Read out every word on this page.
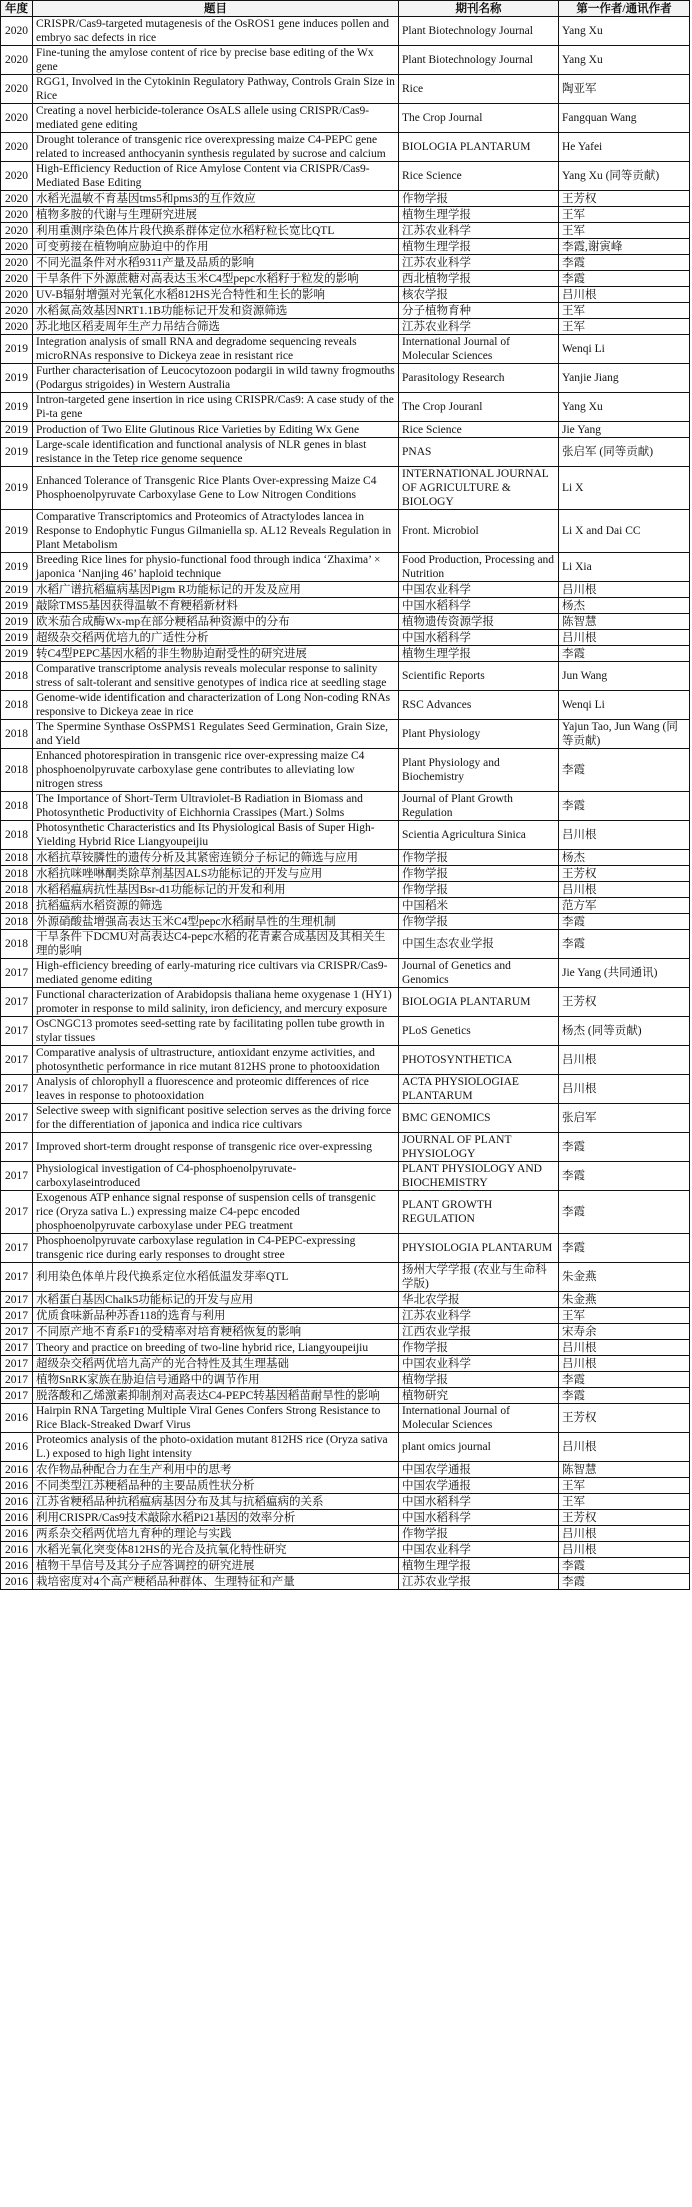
年度	题目	期刊名称	第一作者/通讯作者
2020	CRISPR/Cas9-targeted mutagenesis of the OsROS1 gene induces pollen and embryo sac defects in rice	Plant Biotechnology Journal	Yang Xu
2020	Fine-tuning the amylose content of rice by precise base editing of the Wx gene	Plant Biotechnology Journal	Yang Xu
2020	RGG1, Involved in the Cytokinin Regulatory Pathway, Controls Grain Size in Rice	Rice	陶亚军
2020	Creating a novel herbicide-tolerance OsALS allele using CRISPR/Cas9-mediated gene editing	The Crop Journal	Fangquan Wang
2020	Drought tolerance of transgenic rice overexpressing maize C4-PEPC gene related to increased anthocyanin synthesis regulated by sucrose and calcium	BIOLOGIA PLANTARUM	He Yafei
2020	High-Efficiency Reduction of Rice Amylose Content via CRISPR/Cas9-Mediated Base Editing	Rice Science	Yang Xu (同等贡献)
2020	水稻光温敏不育基因tms5和pms3的互作效应	作物学报	王芳权
2020	植物多胺的代谢与生理研究进展	植物生理学报	王军
2020	利用重测序染色体片段代换系群体定位水稻籽粒长宽比QTL	江苏农业科学	王军
2020	可变剪接在植物响应胁迫中的作用	植物生理学报	李霞,谢寅峰
2020	不同光温条件对水稻9311产量及品质的影响	江苏农业科学	李霞
2020	干旱条件下外源蔗糖对高表达玉米C4型pepc水稻籽于粒发的影响	西北植物学报	李霞
2020	UV-B辐射增强对光氧化水稻812HS光合特性和生长的影响	核农学报	吕川根
2020	水稻氮高效基因NRT1.1B功能标记开发和资源筛选	分子植物育种	王军
2020	苏北地区稻麦周年生产力吊结合筛选	江苏农业科学	王军
2019	Integration analysis of small RNA and degradome sequencing reveals microRNAs responsive to Dickeya zeae in resistant rice	International Journal of Molecular Sciences	Wenqi Li
2019	Further characterisation of Leucocytozoon podargii in wild tawny frogmouths (Podargus strigoides) in Western Australia	Parasitology Research	Yanjie Jiang
2019	Intron-targeted gene insertion in rice using CRISPR/Cas9: A case study of the Pi-ta gene	The Crop Jouranl	Yang Xu
2019	Production of Two Elite Glutinous Rice Varieties by Editing Wx Gene	Rice Science	Jie Yang
2019	Large-scale identification and functional analysis of NLR genes in blast resistance in the Tetep rice genome sequence	PNAS	张启军 (同等贡献)
2019	Enhanced Tolerance of Transgenic Rice Plants Over-expressing Maize C4 Phosphoenolpyruvate Carboxylase Gene to Low Nitrogen Conditions	INTERNATIONAL JOURNAL OF AGRICULTURE & BIOLOGY	Li X
2019	Comparative Transcriptomics and Proteomics of Atractylodes lancea in Response to Endophytic Fungus Gilmaniella sp. AL12 Reveals Regulation in Plant Metabolism	Front. Microbiol	Li X and Dai CC
2019	Breeding Rice lines for physio-functional food through indica ‘Zhaxima’ × japonica ‘Nanjing 46’ haploid technique	Food Production, Processing and Nutrition	Li Xia
2019	水稻广谱抗稻瘟病基因Pigm R功能标记的开发及应用	中国农业科学	吕川根
2019	敲除TMS5基因获得温敏不育粳稻新材料	中国水稻科学	杨杰
2019	欧米茄合成酶Wx-mp在部分粳稻品种资源中的分布	植物遗传资源学报	陈智慧
2019	超级杂交稻两优培九的广适性分析	中国水稻科学	吕川根
2019	转C4型PEPC基因水稻的非生物胁迫耐受性的研究进展	植物生理学报	李霞
2018	Comparative transcriptome analysis reveals molecular response to salinity stress of salt-tolerant and sensitive genotypes of indica rice at seedling stage	Scientific Reports	Jun Wang
2018	Genome-wide identification and characterization of Long Non-coding RNAs responsive to Dickeya zeae in rice	RSC Advances	Wenqi Li
2018	The Spermine Synthase OsSPMS1 Regulates Seed Germination, Grain Size, and Yield	Plant Physiology	Yajun Tao, Jun Wang (同等贡献)
2018	Enhanced photorespiration in transgenic rice over-expressing maize C4 phosphoenolpyruvate carboxylase gene contributes to alleviating low nitrogen stress	Plant Physiology and Biochemistry	李霞
2018	The Importance of Short-Term Ultraviolet-B Radiation in Biomass and Photosynthetic Productivity of Eichhornia Crassipes (Mart.) Solms	Journal of Plant Growth Regulation	李霞
2018	Photosynthetic Characteristics and Its Physiological Basis of Super High-Yielding Hybrid Rice Liangyoupeijiu	Scientia Agricultura Sinica	吕川根
2018	水稻抗草铵膦性的遗传分析及其紧密连锁分子标记的筛选与应用	作物学报	杨杰
2018	水稻抗咪唑啉酮类除草剂基因ALS功能标记的开发与应用	作物学报	王芳权
2018	水稻稻瘟病抗性基因Bsr-d1功能标记的开发和利用	作物学报	吕川根
2018	抗稻瘟病水稻资源的筛选	中国稻米	范方军
2018	外源硝酸盐增强高表达玉米C4型pepc水稻耐旱性的生理机制	作物学报	李霞
2018	干旱条件下DCMU对高表达C4-pepc水稻的花青素合成基因及其相关生理的影响	中国生态农业学报	李霞
2017	High-efficiency breeding of early-maturing rice cultivars via CRISPR/Cas9-mediated genome editing	Journal of Genetics and Genomics	Jie Yang (共同通讯)
2017	Functional characterization of Arabidopsis thaliana heme oxygenase 1 (HY1) promoter in response to mild salinity, iron deficiency, and mercury exposure	BIOLOGIA PLANTARUM	王芳权
2017	OsCNGC13 promotes seed-setting rate by facilitating pollen tube growth in stylar tissues	PLoS Genetics	杨杰 (同等贡献)
2017	Comparative analysis of ultrastructure, antioxidant enzyme activities, and photosynthetic performance in rice mutant 812HS prone to photooxidation	PHOTOSYNTHETICA	吕川根
2017	Analysis of chlorophyll a fluorescence and proteomic differences of rice leaves in response to photooxidation	ACTA PHYSIOLOGIAE PLANTARUM	吕川根
2017	Selective sweep with significant positive selection serves as the driving force for the differentiation of japonica and indica rice cultivars	BMC GENOMICS	张启军
2017	Improved short-term drought response of transgenic rice over-expressing	JOURNAL OF PLANT PHYSIOLOGY	李霞
2017	Physiological investigation of C4-phosphoenolpyruvate-carboxylaseintroduced	PLANT PHYSIOLOGY AND BIOCHEMISTRY	李霞
2017	Exogenous ATP enhance signal response of suspension cells of transgenic rice (Oryza sativa L.) expressing maize C4-pepc encoded phosphoenolpyruvate carboxylase under PEG treatment	PLANT GROWTH REGULATION	李霞
2017	Phosphoenolpyruvate carboxylase regulation in C4-PEPC-expressing transgenic rice during early responses to drought stree	PHYSIOLOGIA PLANTARUM	李霞
2017	利用染色体单片段代换系定位水稻低温发芽率QTL	扬州大学学报 (农业与生命科学版)	朱金燕
2017	水稻蛋白基因Chalk5功能标记的开发与应用	华北农学报	朱金燕
2017	优质食味新品种苏香118的选育与利用	江苏农业科学	王军
2017	不同原产地不育系F1的受精率对培育粳稻恢复的影响	江西农业学报	宋寿余
2017	Theory and practice on breeding of two-line hybrid rice, Liangyoupeijiu	作物学报	吕川根
2017	超级杂交稻两优培九高产的光合特性及其生理基础	中国农业科学	吕川根
2017	植物SnRK家族在胁迫信号通路中的调节作用	植物学报	李霞
2017	脱落酸和乙烯激素抑制剂对高表达C4-PEPC转基因稻苗耐旱性的影响	植物研究	李霞
2016	Hairpin RNA Targeting Multiple Viral Genes Confers Strong Resistance to Rice Black-Streaked Dwarf Virus	International Journal of Molecular Sciences	王芳权
2016	Proteomics analysis of the photo-oxidation mutant 812HS rice (Oryza sativa L.) exposed to high light intensity	plant omics journal	吕川根
2016	农作物品种配合力在生产利用中的思考	中国农学通报	陈智慧
2016	不同类型江苏粳稻品种的主要品质性状分析	中国农学通报	王军
2016	江苏省粳稻品种抗稻瘟病基因分布及其与抗稻瘟病的关系	中国水稻科学	王军
2016	利用CRISPR/Cas9技术敲除水稻Pi21基因的效率分析	中国水稻科学	王芳权
2016	两系杂交稻两优培九育种的理论与实践	作物学报	吕川根
2016	水稻光氧化突变体812HS的光合及抗氧化特性研究	中国农业科学	吕川根
2016	植物干旱信号及其分子应答调控的研究进展	植物生理学报	李霞
2016	栽培密度对4个高产粳稻品种群体、生理特征和产量	江苏农业学报	李霞
